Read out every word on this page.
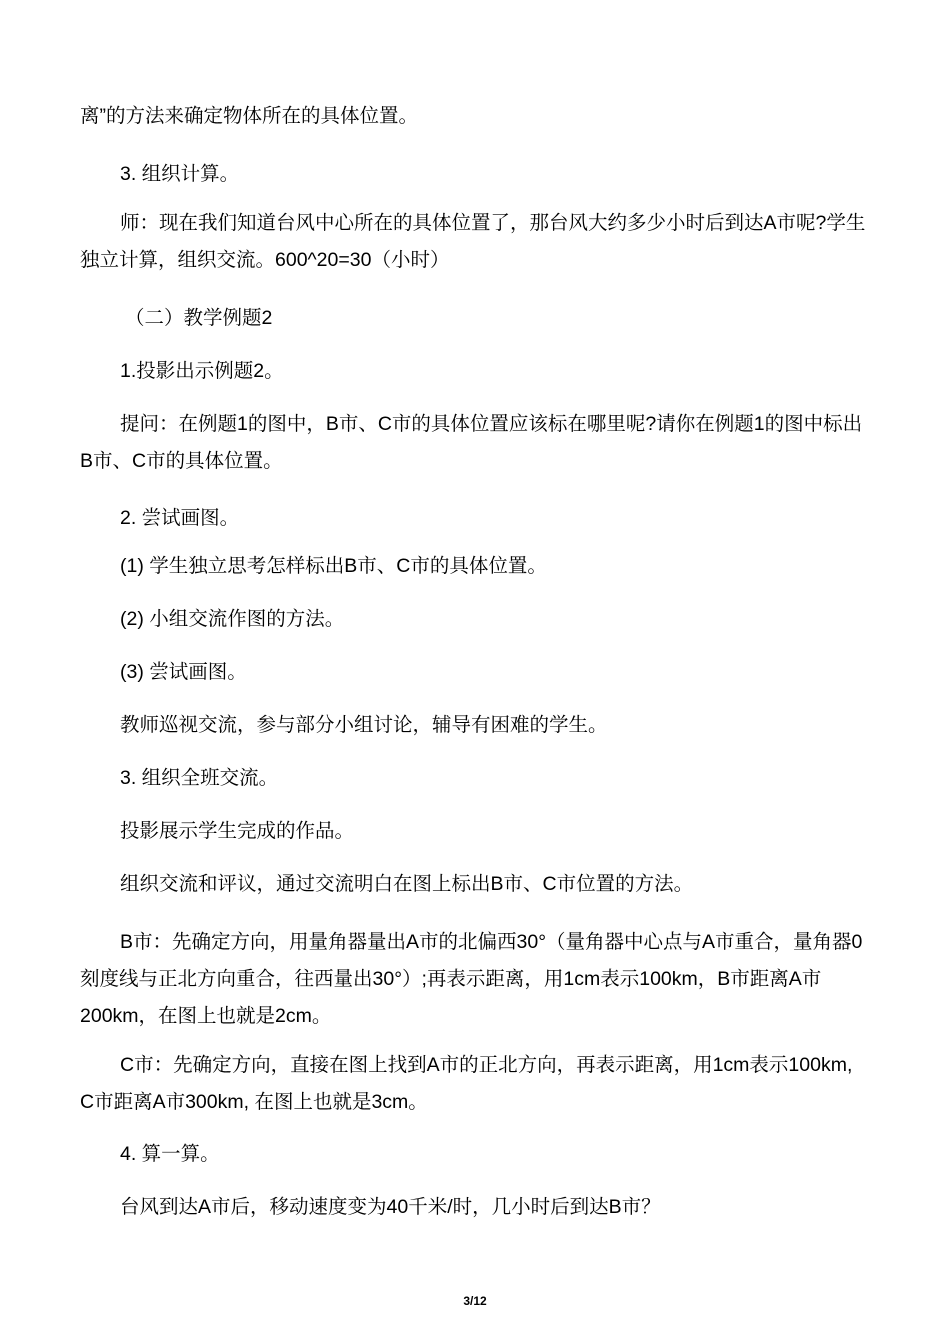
离”的方法来确定物体所在的具体位置。
3. 组织计算。
师：现在我们知道台风中心所在的具体位置了，那台风大约多少小时后到达A市呢?学生独立计算，组织交流。600^20=30（小时）
（二）教学例题2
1.投影出示例题2。
提问：在例题1的图中，B市、C市的具体位置应该标在哪里呢?请你在例题1的图中标出B市、C市的具体位置。
2. 尝试画图。
(1) 学生独立思考怎样标出B市、C市的具体位置。
(2) 小组交流作图的方法。
(3) 尝试画图。
教师巡视交流，参与部分小组讨论，辅导有困难的学生。
3. 组织全班交流。
投影展示学生完成的作品。
组织交流和评议，通过交流明白在图上标出B市、C市位置的方法。
B市：先确定方向，用量角器量出A市的北偏西30°（量角器中心点与A市重合，量角器0刻度线与正北方向重合，往西量出30°）;再表示距离，用1cm表示100km，B市距离A市200km，在图上也就是2cm。
C市：先确定方向，直接在图上找到A市的正北方向，再表示距离，用1cm表示100km, C市距离A市300km, 在图上也就是3cm。
4. 算一算。
台风到达A市后，移动速度变为40千米/时，几小时后到达B市？
3/12
